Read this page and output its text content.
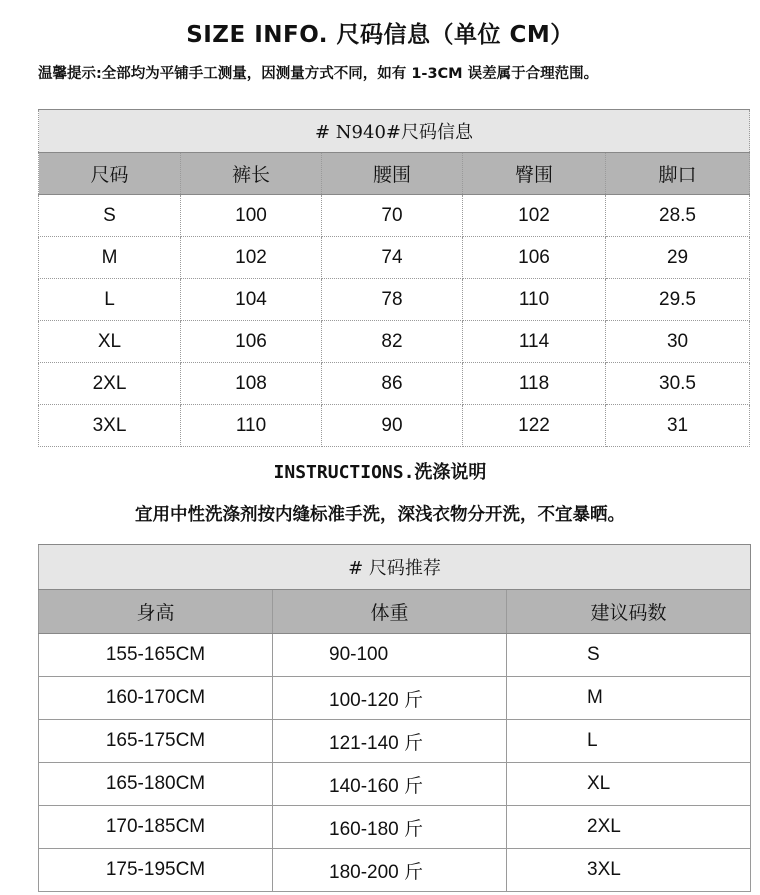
SIZE INFO. 尺码信息（单位 CM）
温馨提示:全部均为平铺手工测量，因测量方式不同，如有 1-3CM 误差属于合理范围。
# N940#尺码信息				
尺码	裤长	腰围	臀围	脚口
S	100	70	102	28.5
M	102	74	106	29
L	104	78	110	29.5
XL	106	82	114	30
2XL	108	86	118	30.5
3XL	110	90	122	31
INSTRUCTIONS.洗涤说明
宜用中性洗涤剂按内缝标准手洗，深浅衣物分开洗，不宜暴晒。
# 尺码推荐		
身高	体重	建议码数
155-165CM	90-100	S
160-170CM	100-120 斤	M
165-175CM	121-140 斤	L
165-180CM	140-160 斤	XL
170-185CM	160-180 斤	2XL
175-195CM	180-200 斤	3XL
